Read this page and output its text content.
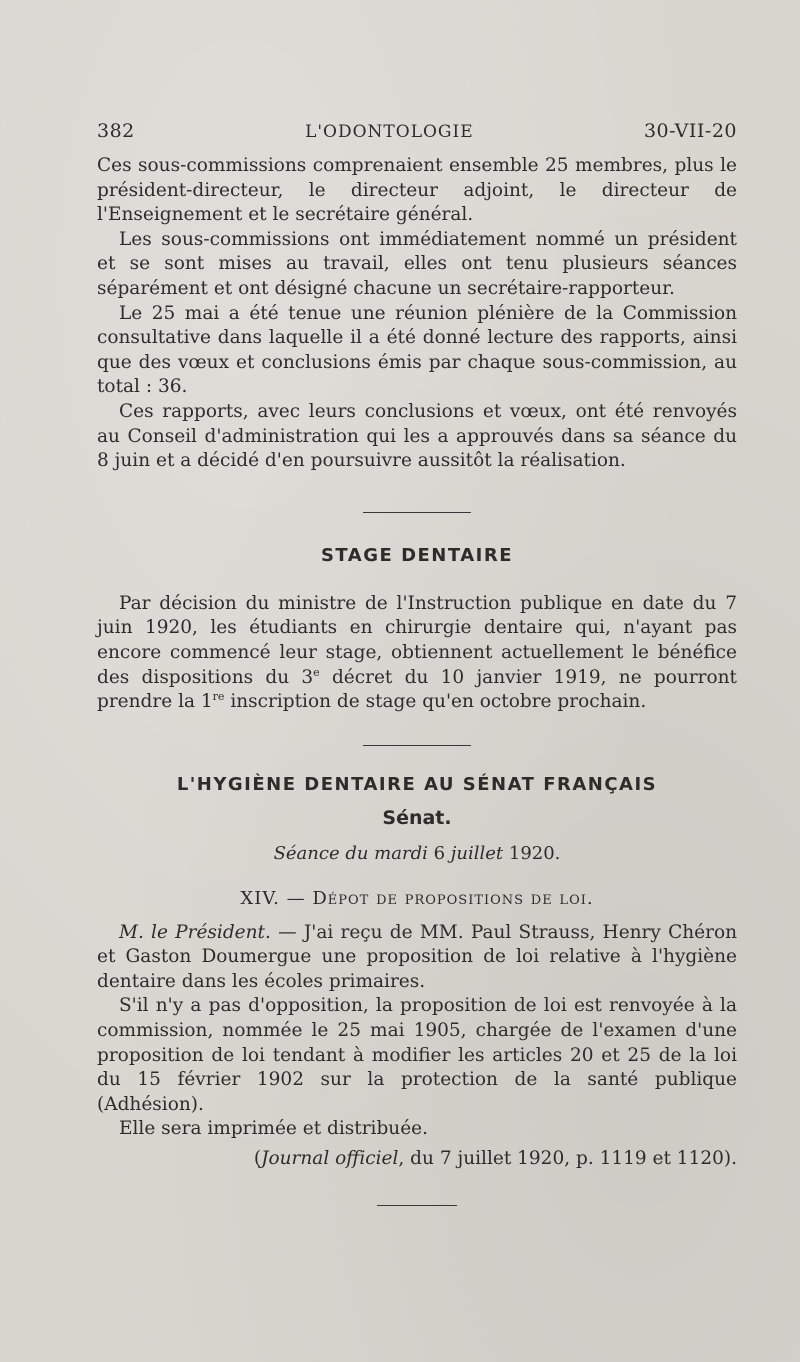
382	L'ODONTOLOGIE	30-VII-20

Ces sous-commissions comprenaient ensemble 25 membres, plus le président-directeur, le directeur adjoint, le directeur de l'Enseignement et le secrétaire général.

Les sous-commissions ont immédiatement nommé un président et se sont mises au travail, elles ont tenu plusieurs séances séparément et ont désigné chacune un secrétaire-rapporteur.

Le 25 mai a été tenue une réunion plénière de la Commission consultative dans laquelle il a été donné lecture des rapports, ainsi que des vœux et conclusions émis par chaque sous-commission, au total : 36.

Ces rapports, avec leurs conclusions et vœux, ont été renvoyés au Conseil d'administration qui les a approuvés dans sa séance du 8 juin et a décidé d'en poursuivre aussitôt la réalisation.

STAGE DENTAIRE

Par décision du ministre de l'Instruction publique en date du 7 juin 1920, les étudiants en chirurgie dentaire qui, n'ayant pas encore commencé leur stage, obtiennent actuellement le bénéfice des dispositions du 3e décret du 10 janvier 1919, ne pourront prendre la 1re inscription de stage qu'en octobre prochain.

L'HYGIÈNE DENTAIRE AU SÉNAT FRANÇAIS
Sénat.
Séance du mardi 6 juillet 1920.
XIV. — Dépot de propositions de loi.

M. le Président. — J'ai reçu de MM. Paul Strauss, Henry Chéron et Gaston Doumergue une proposition de loi relative à l'hygiène dentaire dans les écoles primaires.

S'il n'y a pas d'opposition, la proposition de loi est renvoyée à la commission, nommée le 25 mai 1905, chargée de l'examen d'une proposition de loi tendant à modifier les articles 20 et 25 de la loi du 15 février 1902 sur la protection de la santé publique (Adhésion).

Elle sera imprimée et distribuée.

(Journal officiel, du 7 juillet 1920, p. 1119 et 1120).
